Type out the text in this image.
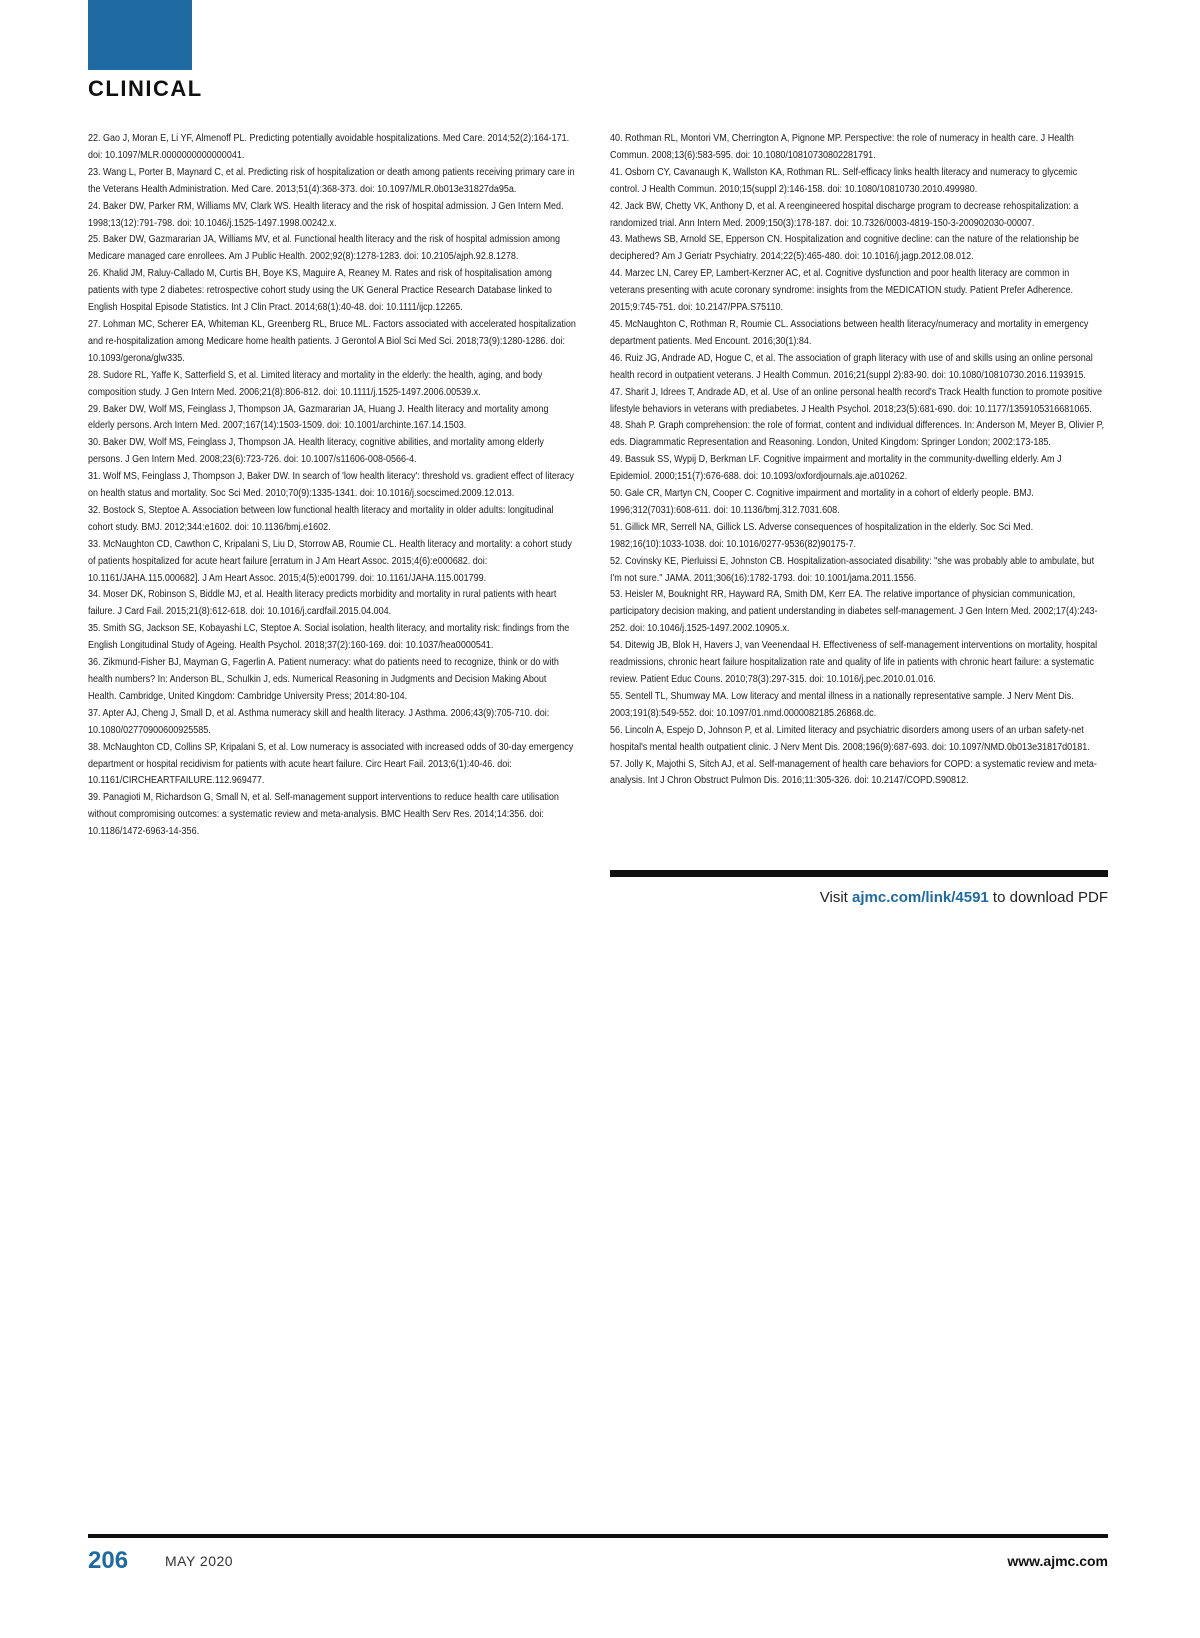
CLINICAL

22. Gao J, Moran E, Li YF, Almenoff PL. Predicting potentially avoidable hospitalizations. Med Care. 2014;52(2):164-171. doi: 10.1097/MLR.0000000000000041.

23. Wang L, Porter B, Maynard C, et al. Predicting risk of hospitalization or death among patients receiving primary care in the Veterans Health Administration. Med Care. 2013;51(4):368-373. doi: 10.1097/MLR.0b013e31827da95a.

24. Baker DW, Parker RM, Williams MV, Clark WS. Health literacy and the risk of hospital admission. J Gen Intern Med. 1998;13(12):791-798. doi: 10.1046/j.1525-1497.1998.00242.x.

25. Baker DW, Gazmararian JA, Williams MV, et al. Functional health literacy and the risk of hospital admission among Medicare managed care enrollees. Am J Public Health. 2002;92(8):1278-1283. doi: 10.2105/ajph.92.8.1278.

26. Khalid JM, Raluy-Callado M, Curtis BH, Boye KS, Maguire A, Reaney M. Rates and risk of hospitalisation among patients with type 2 diabetes: retrospective cohort study using the UK General Practice Research Database linked to English Hospital Episode Statistics. Int J Clin Pract. 2014;68(1):40-48. doi: 10.1111/ijcp.12265.

27. Lohman MC, Scherer EA, Whiteman KL, Greenberg RL, Bruce ML. Factors associated with accelerated hospitalization and re-hospitalization among Medicare home health patients. J Gerontol A Biol Sci Med Sci. 2018;73(9):1280-1286. doi: 10.1093/gerona/glw335.

28. Sudore RL, Yaffe K, Satterfield S, et al. Limited literacy and mortality in the elderly: the health, aging, and body composition study. J Gen Intern Med. 2006;21(8):806-812. doi: 10.1111/j.1525-1497.2006.00539.x.

29. Baker DW, Wolf MS, Feinglass J, Thompson JA, Gazmararian JA, Huang J. Health literacy and mortality among elderly persons. Arch Intern Med. 2007;167(14):1503-1509. doi: 10.1001/archinte.167.14.1503.

30. Baker DW, Wolf MS, Feinglass J, Thompson JA. Health literacy, cognitive abilities, and mortality among elderly persons. J Gen Intern Med. 2008;23(6):723-726. doi: 10.1007/s11606-008-0566-4.

31. Wolf MS, Feinglass J, Thompson J, Baker DW. In search of 'low health literacy': threshold vs. gradient effect of literacy on health status and mortality. Soc Sci Med. 2010;70(9):1335-1341. doi: 10.1016/j.socscimed.2009.12.013.

32. Bostock S, Steptoe A. Association between low functional health literacy and mortality in older adults: longitudinal cohort study. BMJ. 2012;344:e1602. doi: 10.1136/bmj.e1602.

33. McNaughton CD, Cawthon C, Kripalani S, Liu D, Storrow AB, Roumie CL. Health literacy and mortality: a cohort study of patients hospitalized for acute heart failure [erratum in J Am Heart Assoc. 2015;4(6):e000682. doi: 10.1161/JAHA.115.000682]. J Am Heart Assoc. 2015;4(5):e001799. doi: 10.1161/JAHA.115.001799.

34. Moser DK, Robinson S, Biddle MJ, et al. Health literacy predicts morbidity and mortality in rural patients with heart failure. J Card Fail. 2015;21(8):612-618. doi: 10.1016/j.cardfail.2015.04.004.

35. Smith SG, Jackson SE, Kobayashi LC, Steptoe A. Social isolation, health literacy, and mortality risk: findings from the English Longitudinal Study of Ageing. Health Psychol. 2018;37(2):160-169. doi: 10.1037/hea0000541.

36. Zikmund-Fisher BJ, Mayman G, Fagerlin A. Patient numeracy: what do patients need to recognize, think or do with health numbers? In: Anderson BL, Schulkin J, eds. Numerical Reasoning in Judgments and Decision Making About Health. Cambridge, United Kingdom: Cambridge University Press; 2014:80-104.

37. Apter AJ, Cheng J, Small D, et al. Asthma numeracy skill and health literacy. J Asthma. 2006;43(9):705-710. doi: 10.1080/02770900600925585.

38. McNaughton CD, Collins SP, Kripalani S, et al. Low numeracy is associated with increased odds of 30-day emergency department or hospital recidivism for patients with acute heart failure. Circ Heart Fail. 2013;6(1):40-46. doi: 10.1161/CIRCHEARTFAILURE.112.969477.

39. Panagioti M, Richardson G, Small N, et al. Self-management support interventions to reduce health care utilisation without compromising outcomes: a systematic review and meta-analysis. BMC Health Serv Res. 2014;14:356. doi: 10.1186/1472-6963-14-356.

40. Rothman RL, Montori VM, Cherrington A, Pignone MP. Perspective: the role of numeracy in health care. J Health Commun. 2008;13(6):583-595. doi: 10.1080/10810730802281791.

41. Osborn CY, Cavanaugh K, Wallston KA, Rothman RL. Self-efficacy links health literacy and numeracy to glycemic control. J Health Commun. 2010;15(suppl 2):146-158. doi: 10.1080/10810730.2010.499980.

42. Jack BW, Chetty VK, Anthony D, et al. A reengineered hospital discharge program to decrease rehospitalization: a randomized trial. Ann Intern Med. 2009;150(3):178-187. doi: 10.7326/0003-4819-150-3-200902030-00007.

43. Mathews SB, Arnold SE, Epperson CN. Hospitalization and cognitive decline: can the nature of the relationship be deciphered? Am J Geriatr Psychiatry. 2014;22(5):465-480. doi: 10.1016/j.jagp.2012.08.012.

44. Marzec LN, Carey EP, Lambert-Kerzner AC, et al. Cognitive dysfunction and poor health literacy are common in veterans presenting with acute coronary syndrome: insights from the MEDICATION study. Patient Prefer Adherence. 2015;9:745-751. doi: 10.2147/PPA.S75110.

45. McNaughton C, Rothman R, Roumie CL. Associations between health literacy/numeracy and mortality in emergency department patients. Med Encount. 2016;30(1):84.

46. Ruiz JG, Andrade AD, Hogue C, et al. The association of graph literacy with use of and skills using an online personal health record in outpatient veterans. J Health Commun. 2016;21(suppl 2):83-90. doi: 10.1080/10810730.2016.1193915.

47. Sharit J, Idrees T, Andrade AD, et al. Use of an online personal health record's Track Health function to promote positive lifestyle behaviors in veterans with prediabetes. J Health Psychol. 2018;23(5):681-690. doi: 10.1177/1359105316681065.

48. Shah P. Graph comprehension: the role of format, content and individual differences. In: Anderson M, Meyer B, Olivier P, eds. Diagrammatic Representation and Reasoning. London, United Kingdom: Springer London; 2002:173-185.

49. Bassuk SS, Wypij D, Berkman LF. Cognitive impairment and mortality in the community-dwelling elderly. Am J Epidemiol. 2000;151(7):676-688. doi: 10.1093/oxfordjournals.aje.a010262.

50. Gale CR, Martyn CN, Cooper C. Cognitive impairment and mortality in a cohort of elderly people. BMJ. 1996;312(7031):608-611. doi: 10.1136/bmj.312.7031.608.

51. Gillick MR, Serrell NA, Gillick LS. Adverse consequences of hospitalization in the elderly. Soc Sci Med. 1982;16(10):1033-1038. doi: 10.1016/0277-9536(82)90175-7.

52. Covinsky KE, Pierluissi E, Johnston CB. Hospitalization-associated disability: "she was probably able to ambulate, but I'm not sure." JAMA. 2011;306(16):1782-1793. doi: 10.1001/jama.2011.1556.

53. Heisler M, Bouknight RR, Hayward RA, Smith DM, Kerr EA. The relative importance of physician communication, participatory decision making, and patient understanding in diabetes self-management. J Gen Intern Med. 2002;17(4):243-252. doi: 10.1046/j.1525-1497.2002.10905.x.

54. Ditewig JB, Blok H, Havers J, van Veenendaal H. Effectiveness of self-management interventions on mortality, hospital readmissions, chronic heart failure hospitalization rate and quality of life in patients with chronic heart failure: a systematic review. Patient Educ Couns. 2010;78(3):297-315. doi: 10.1016/j.pec.2010.01.016.

55. Sentell TL, Shumway MA. Low literacy and mental illness in a nationally representative sample. J Nerv Ment Dis. 2003;191(8):549-552. doi: 10.1097/01.nmd.0000082185.26868.dc.

56. Lincoln A, Espejo D, Johnson P, et al. Limited literacy and psychiatric disorders among users of an urban safety-net hospital's mental health outpatient clinic. J Nerv Ment Dis. 2008;196(9):687-693. doi: 10.1097/NMD.0b013e31817d0181.

57. Jolly K, Majothi S, Sitch AJ, et al. Self-management of health care behaviors for COPD: a systematic review and meta-analysis. Int J Chron Obstruct Pulmon Dis. 2016;11:305-326. doi: 10.2147/COPD.S90812.

Visit ajmc.com/link/4591 to download PDF
206	MAY 2020	www.ajmc.com
